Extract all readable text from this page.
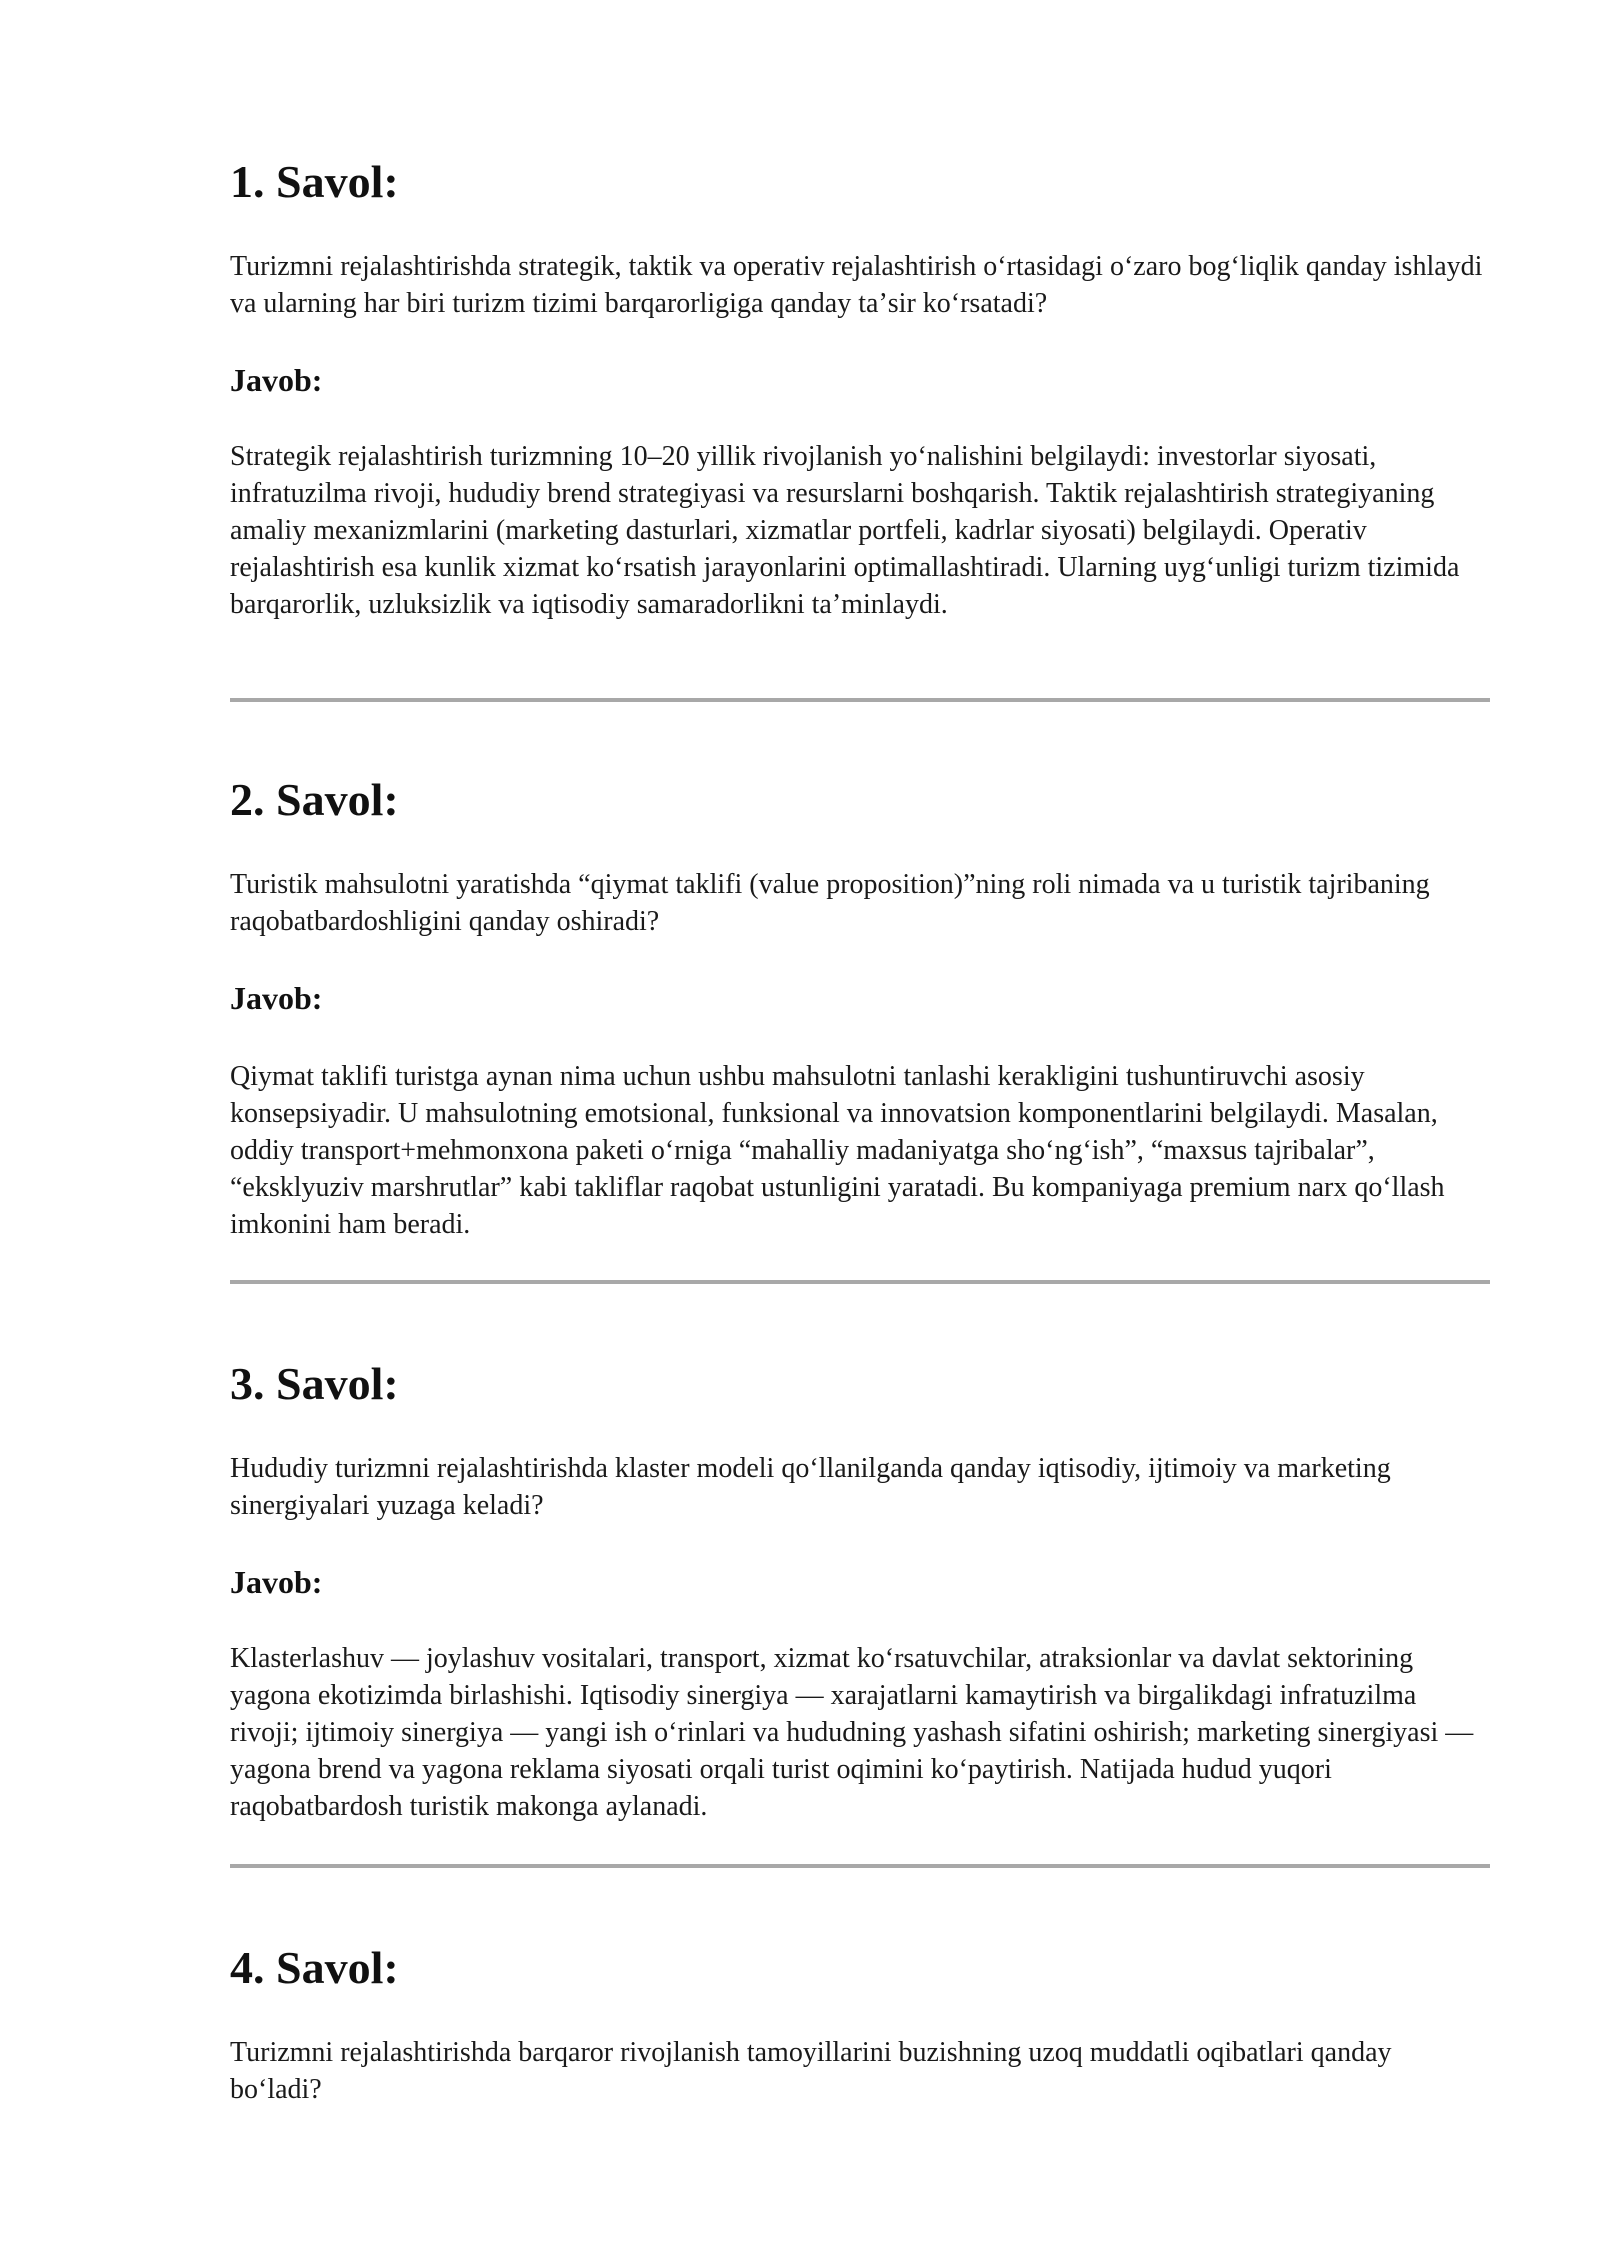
1. Savol:

Turizmni rejalashtirishda strategik, taktik va operativ rejalashtirish oʻrtasidagi oʻzaro bogʻliqlik qanday ishlaydi va ularning har biri turizm tizimi barqarorligiga qanday taʼsir koʻrsatadi?

Javob:

Strategik rejalashtirish turizmning 10–20 yillik rivojlanish yoʻnalishini belgilaydi: investorlar siyosati, infratuzilma rivoji, hududiy brend strategiyasi va resurslarni boshqarish. Taktik rejalashtirish strategiyaning amaliy mexanizmlarini (marketing dasturlari, xizmatlar portfeli, kadrlar siyosati) belgilaydi. Operativ rejalashtirish esa kunlik xizmat koʻrsatish jarayonlarini optimallashtiradi. Ularning uygʻunligi turizm tizimida barqarorlik, uzluksizlik va iqtisodiy samaradorlikni taʼminlaydi.

2. Savol:

Turistik mahsulotni yaratishda “qiymat taklifi (value proposition)”ning roli nimada va u turistik tajribaning raqobatbardoshligini qanday oshiradi?

Javob:

Qiymat taklifi turistga aynan nima uchun ushbu mahsulotni tanlashi kerakligini tushuntiruvchi asosiy konsepsiyadir. U mahsulotning emotsional, funksional va innovatsion komponentlarini belgilaydi. Masalan, oddiy transport+mehmonxona paketi oʻrniga “mahalliy madaniyatga shoʻngʻish”, “maxsus tajribalar”, “eksklyuziv marshrutlar” kabi takliflar raqobat ustunligini yaratadi. Bu kompaniyaga premium narx qoʻllash imkonini ham beradi.

3. Savol:

Hududiy turizmni rejalashtirishda klaster modeli qoʻllanilganda qanday iqtisodiy, ijtimoiy va marketing sinergiyalari yuzaga keladi?

Javob:

Klasterlashuv — joylashuv vositalari, transport, xizmat koʻrsatuvchilar, atraksionlar va davlat sektorining yagona ekotizimda birlashishi. Iqtisodiy sinergiya — xarajatlarni kamaytirish va birgalikdagi infratuzilma rivoji; ijtimoiy sinergiya — yangi ish oʻrinlari va hududning yashash sifatini oshirish; marketing sinergiyasi — yagona brend va yagona reklama siyosati orqali turist oqimini koʻpaytirish. Natijada hudud yuqori raqobatbardosh turistik makonga aylanadi.

4. Savol:

Turizmni rejalashtirishda barqaror rivojlanish tamoyillarini buzishning uzoq muddatli oqibatlari qanday boʻladi?
